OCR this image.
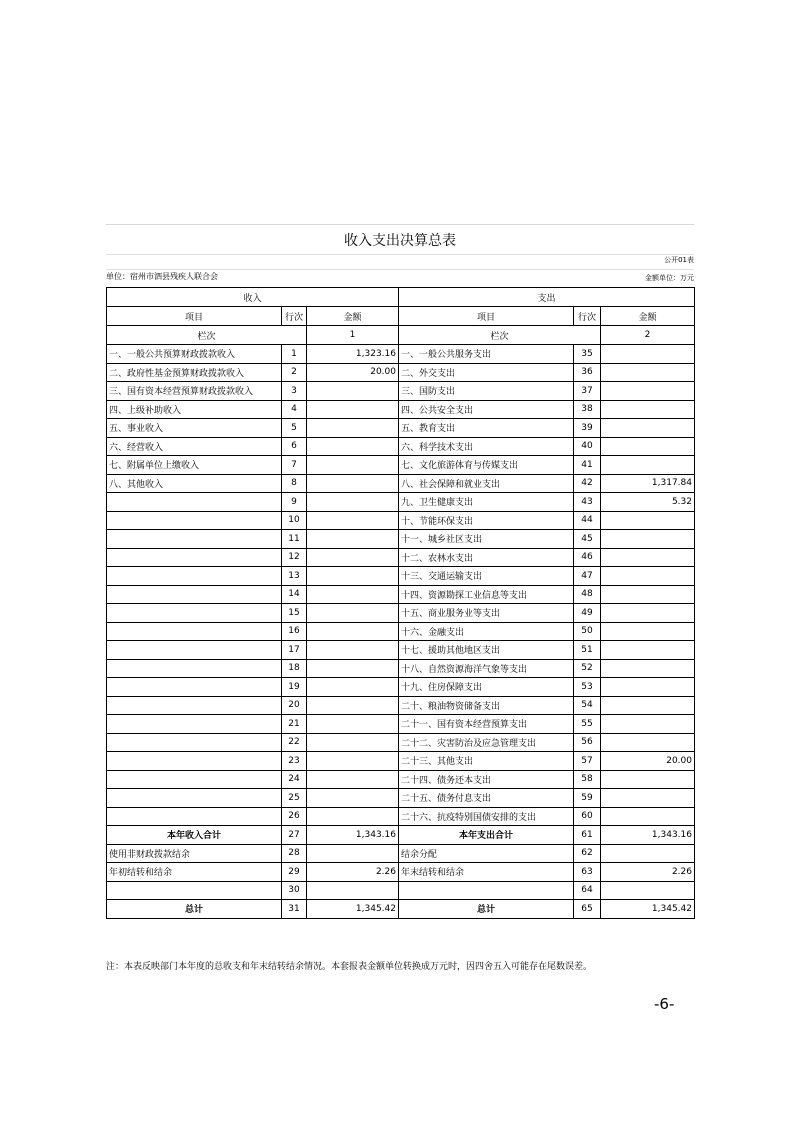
收入支出决算总表
公开01表
单位：宿州市泗县残疾人联合会	金额单位：万元
收入			支出		
项目	行次	金额	项目	行次	金额
栏次		1	栏次		2
一、一般公共预算财政拨款收入	1	1,323.16	一、一般公共服务支出	35	
二、政府性基金预算财政拨款收入	2	20.00	二、外交支出	36	
三、国有资本经营预算财政拨款收入	3		三、国防支出	37	
四、上级补助收入	4		四、公共安全支出	38	
五、事业收入	5		五、教育支出	39	
六、经营收入	6		六、科学技术支出	40	
七、附属单位上缴收入	7		七、文化旅游体育与传媒支出	41	
八、其他收入	8		八、社会保障和就业支出	42	1,317.84
	9		九、卫生健康支出	43	5.32
	10		十、节能环保支出	44	
	11		十一、城乡社区支出	45	
	12		十二、农林水支出	46	
	13		十三、交通运输支出	47	
	14		十四、资源勘探工业信息等支出	48	
	15		十五、商业服务业等支出	49	
	16		十六、金融支出	50	
	17		十七、援助其他地区支出	51	
	18		十八、自然资源海洋气象等支出	52	
	19		十九、住房保障支出	53	
	20		二十、粮油物资储备支出	54	
	21		二十一、国有资本经营预算支出	55	
	22		二十二、灾害防治及应急管理支出	56	
	23		二十三、其他支出	57	20.00
	24		二十四、债务还本支出	58	
	25		二十五、债务付息支出	59	
	26		二十六、抗疫特别国债安排的支出	60	
本年收入合计	27	1,343.16	本年支出合计	61	1,343.16
使用非财政拨款结余	28		结余分配	62	
年初结转和结余	29	2.26	年末结转和结余	63	2.26
	30			64	
总计	31	1,345.42	总计	65	1,345.42
注：本表反映部门本年度的总收支和年末结转结余情况。本套报表金额单位转换成万元时，因四舍五入可能存在尾数误差。
-6-
